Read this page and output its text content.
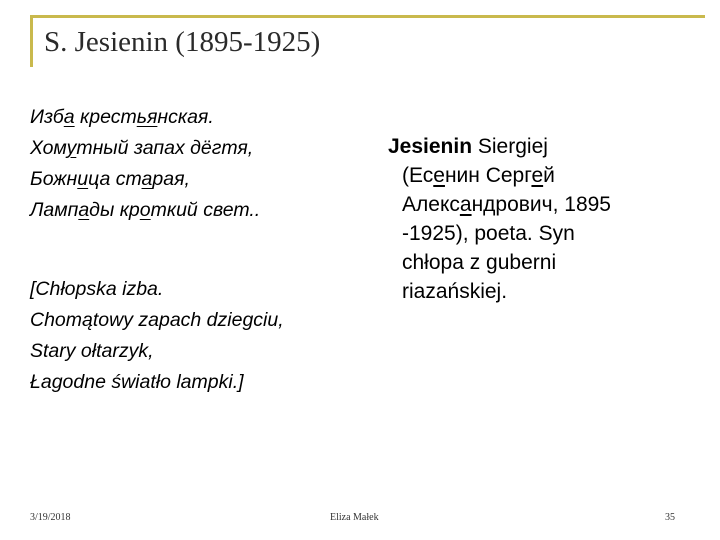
S. Jesienin (1895-1925)
Изба крестьянская.
Хомутный запах дёгтя,
Божница старая,
Лампады кроткий свет..
[Chłopska izba.
Chomątowy zapach dziegciu,
Stary ołtarzyk,
Łagodne światło lampki.]
Jesienin Siergiej
(Есенин Сергей
Александрович, 1895
-1925), poeta. Syn
chłopa z guberni
riazańskiej.
3/19/2018	Eliza Małek	35
